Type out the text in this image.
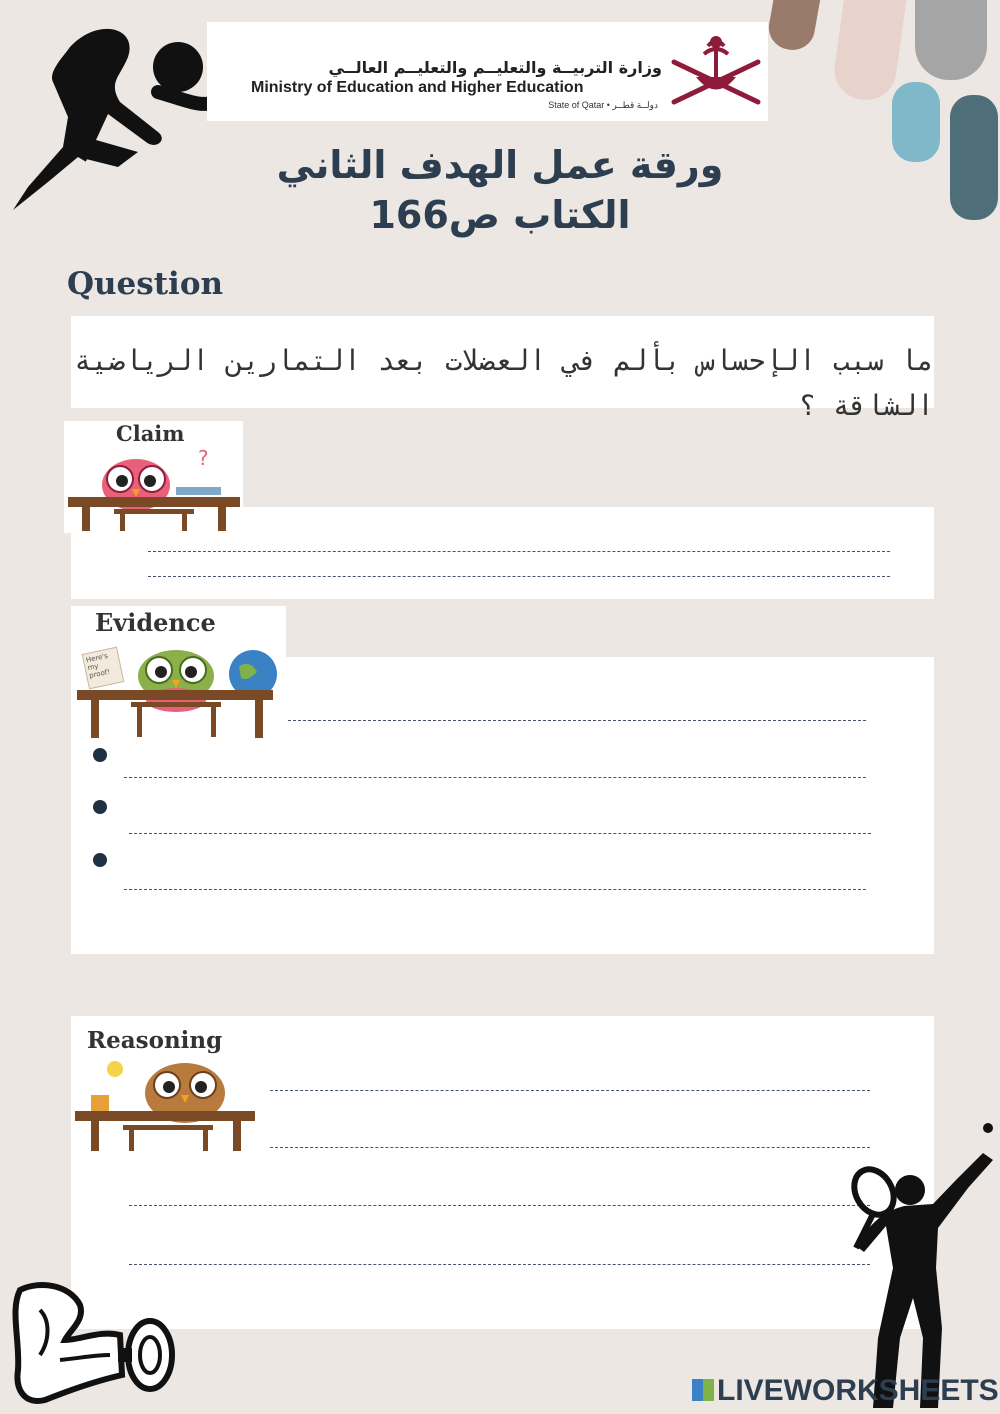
وزارة التربيــة والتعليــم والتعليــم العالــي
Ministry of Education and Higher Education
State of Qatar • دولــة قطــر
ورقة عمل الهدف الثاني
الكتاب ص166
Question
ما سبب الإحساس بألم في العضلات بعد التمارين الرياضية الشاقة ؟
Claim
?
Evidence
Here's my proof!
Reasoning
LIVEWORKSHEETS
